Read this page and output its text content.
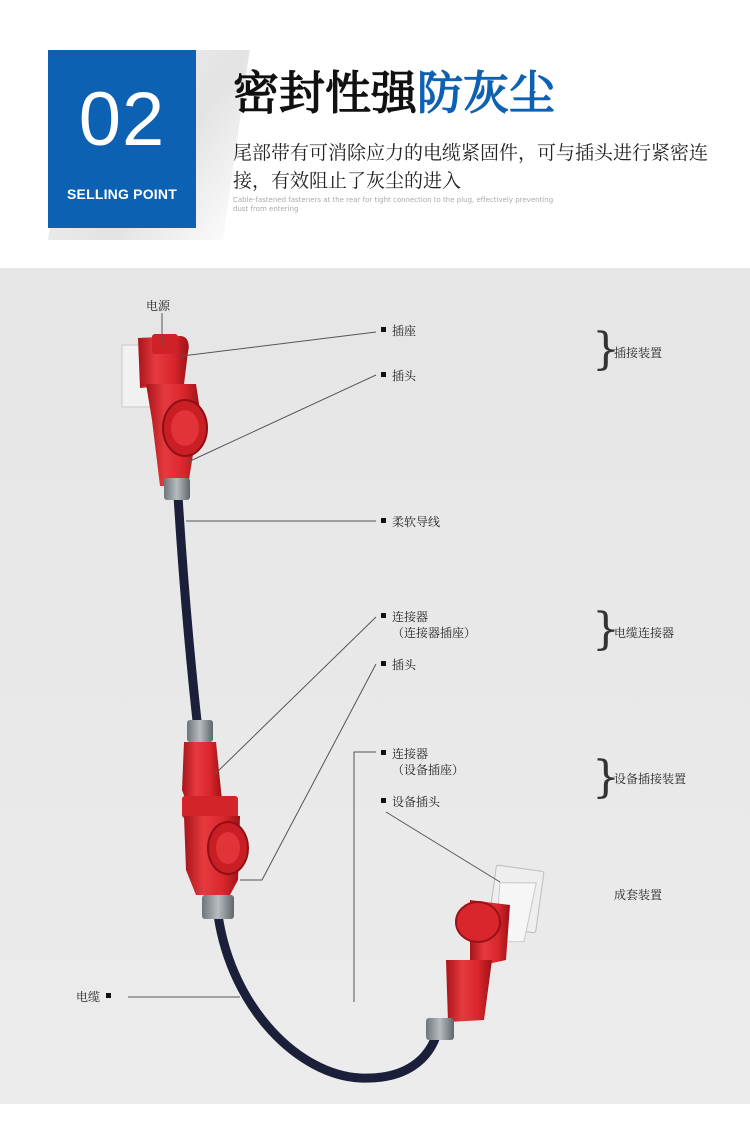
02
SELLING POINT
密封性强防灰尘
尾部带有可消除应力的电缆紧固件，可与插头进行紧密连接，有效阻止了灰尘的进入
Cable-fastened fasteners at the rear for tight connection to the plug, effectively preventing dust from entering
电源
插座
插头
柔软导线
连接器
（连接器插座）
插头
连接器
（设备插座）
设备插头
电缆
}
插接装置
}
电缆连接器
}
设备插接装置
成套装置
